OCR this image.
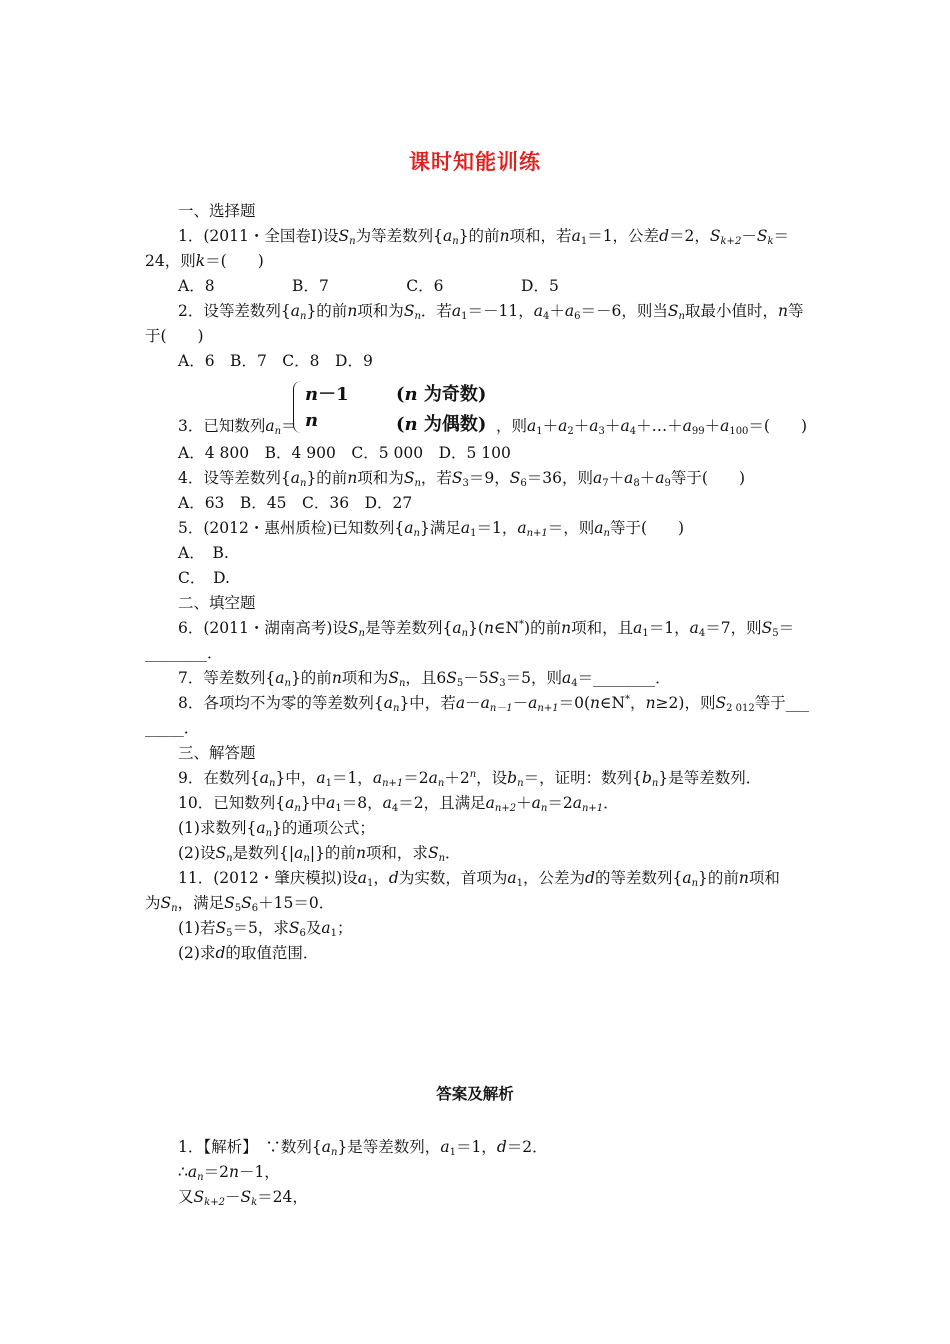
课时知能训练
一、选择题
1．(2011・全国卷Ⅰ)设Sn为等差数列{an}的前n项和，若a1＝1，公差d＝2，Sk+2－Sk＝
24，则k＝(　　)
A．8　　　　　B．7　　　　　C．6　　　　　D．5
2．设等差数列{an}的前n项和为Sn．若a1＝－11，a4＋a6＝－6，则当Sn取最小值时，n等
于(　　)
A．6　B．7　C．8　D．9
n－1	(n 为奇数)
n	(n 为偶数)
3．已知数列an＝	，则a1＋a2＋a3＋a4＋…＋a99＋a100＝(　　)
A．4 800　B．4 900　C．5 000　D．5 100
4．设等差数列{an}的前n项和为Sn，若S3＝9，S6＝36，则a7＋a8＋a9等于(　　)
A．63　B．45　C．36　D．27
5．(2012・惠州质检)已知数列{an}满足a1＝1，an+1＝，则an等于(　　)
A．　B.
C．　D.
二、填空题
6．(2011・湖南高考)设Sn是等差数列{an}(n∈N*)的前n项和，且a1＝1，a4＝7，则S5＝
________．
7．等差数列{an}的前n项和为Sn，且6S5－5S3＝5，则a4＝________．
8．各项均不为零的等差数列{an}中，若a－an－1－an+1＝0(n∈N*，n≥2)，则S2 012等于___
_____．
三、解答题
9．在数列{an}中，a1＝1，$an+1=2an+2^n$，设bn＝，证明：数列{bn}是等差数列．
10．已知数列{an}中a1＝8，a4＝2，且满足an+2＋an＝2an+1．
(1)求数列{an}的通项公式；
(2)设Sn是数列{|an|}的前n项和，求Sn．
11．(2012・肇庆模拟)设a1，d为实数，首项为a1，公差为d的等差数列{an}的前n项和
为Sn，满足S5S6＋15＝0．
(1)若S5＝5，求S6及a1；
(2)求d的取值范围．
答案及解析
1．【解析】　∵数列{an}是等差数列，a1＝1，d＝2．
∴an＝2n－1，
又Sk+2－Sk＝24，
